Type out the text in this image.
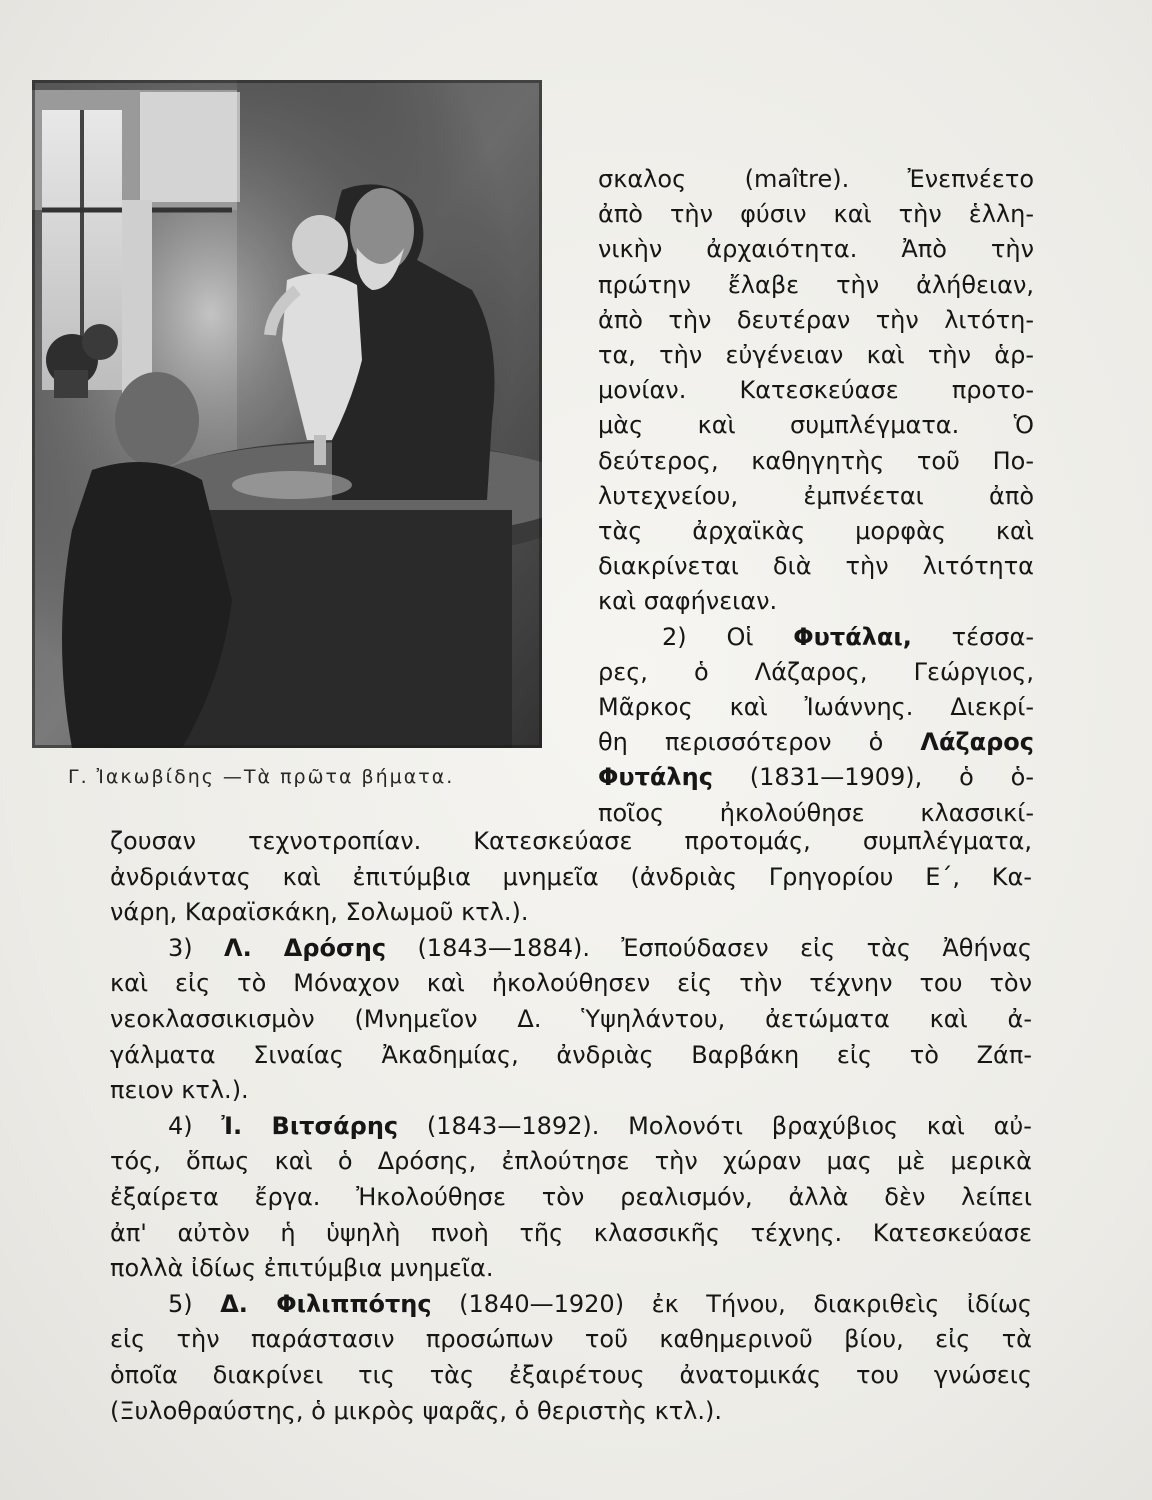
Γ. Ἰακωβίδης —Τὰ πρῶτα βήματα.
σκαλος (maître). Ἐνεπνέετο
ἀπὸ τὴν φύσιν καὶ τὴν ἑλλη-
νικὴν ἀρχαιότητα. Ἀπὸ τὴν
πρώτην ἔλαβε τὴν ἀλήθειαν,
ἀπὸ τὴν δευτέραν τὴν λιτότη-
τα, τὴν εὐγένειαν καὶ τὴν ἁρ-
μονίαν. Κατεσκεύασε προτο-
μὰς καὶ συμπλέγματα. Ὁ
δεύτερος, καθηγητὴς τοῦ Πο-
λυτεχνείου, ἐμπνέεται ἀπὸ
τὰς ἀρχαϊκὰς μορφὰς καὶ
διακρίνεται διὰ τὴν λιτότητα
καὶ σαφήνειαν.
2) Οἱ Φυτάλαι, τέσσα-
ρες, ὁ Λάζαρος, Γεώργιος,
Μᾶρκος καὶ Ἰωάννης. Διεκρί-
θη περισσότερον ὁ Λάζαρος
Φυτάλης (1831—1909), ὁ ὁ-
ποῖος ἠκολούθησε κλασσικί-
ζουσαν τεχνοτροπίαν. Κατεσκεύασε προτομάς, συμπλέγματα,
ἀνδριάντας καὶ ἐπιτύμβια μνημεῖα (ἀνδριὰς Γρηγορίου Ε΄, Κα-
νάρη, Καραϊσκάκη, Σολωμοῦ κτλ.).
3) Λ. Δρόσης (1843—1884). Ἐσπούδασεν εἰς τὰς Ἀθήνας
καὶ εἰς τὸ Μόναχον καὶ ἠκολούθησεν εἰς τὴν τέχνην του τὸν
νεοκλασσικισμὸν (Μνημεῖον Δ. Ὑψηλάντου, ἀετώματα καὶ ἀ-
γάλματα Σιναίας Ἀκαδημίας, ἀνδριὰς Βαρβάκη εἰς τὸ Ζάπ-
πειον κτλ.).
4) Ἰ. Βιτσάρης (1843—1892). Μολονότι βραχύβιος καὶ αὐ-
τός, ὅπως καὶ ὁ Δρόσης, ἐπλούτησε τὴν χώραν μας μὲ μερικὰ
ἐξαίρετα ἔργα. Ἠκολούθησε τὸν ρεαλισμόν, ἀλλὰ δὲν λείπει
ἀπ' αὐτὸν ἡ ὑψηλὴ πνοὴ τῆς κλασσικῆς τέχνης. Κατεσκεύασε
πολλὰ ἰδίως ἐπιτύμβια μνημεῖα.
5) Δ. Φιλιππότης (1840—1920) ἐκ Τήνου, διακριθεὶς ἰδίως
εἰς τὴν παράστασιν προσώπων τοῦ καθημερινοῦ βίου, εἰς τὰ
ὁποῖα διακρίνει τις τὰς ἐξαιρέτους ἀνατομικάς του γνώσεις
(Ξυλοθραύστης, ὁ μικρὸς ψαρᾶς, ὁ θεριστὴς κτλ.).
